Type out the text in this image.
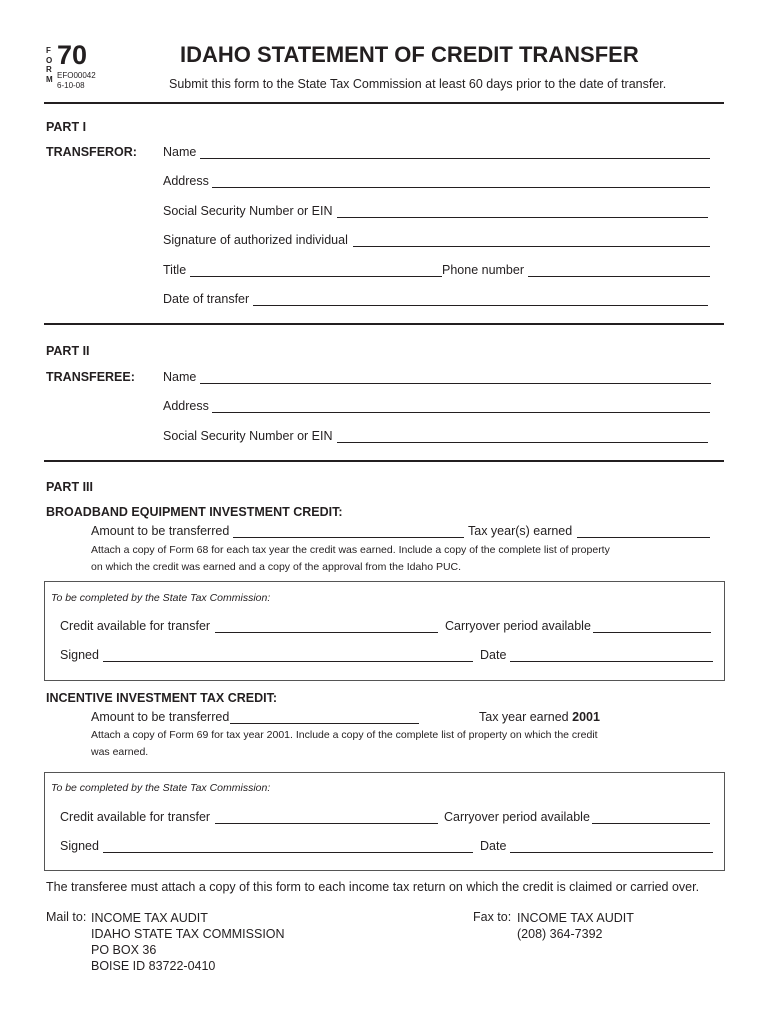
F
O
R
M
70
EFO00042
6-10-08
IDAHO STATEMENT OF CREDIT TRANSFER
Submit this form to the State Tax Commission at least 60 days prior to the date of transfer.
PART I
TRANSFEROR: Name
Address
Social Security Number or EIN
Signature of authorized individual
Title	Phone number
Date of transfer
PART II
TRANSFEREE: Name
Address
Social Security Number or EIN
PART III
BROADBAND EQUIPMENT INVESTMENT CREDIT:
Amount to be transferred	Tax year(s) earned
Attach a copy of Form 68 for each tax year the credit was earned. Include a copy of the complete list of property
on which the credit was earned and a copy of the approval from the Idaho PUC.
To be completed by the State Tax Commission:
Credit available for transfer	Carryover period available
Signed	Date
INCENTIVE INVESTMENT TAX CREDIT:
Amount to be transferred	Tax year earned 2001
Attach a copy of Form 69 for tax year 2001. Include a copy of the complete list of property on which the credit
was earned.
To be completed by the State Tax Commission:
Credit available for transfer	Carryover period available
Signed	Date
The transferee must attach a copy of this form to each income tax return on which the credit is claimed or carried over.
Mail to: INCOME TAX AUDIT
IDAHO STATE TAX COMMISSION
PO BOX 36
BOISE ID 83722-0410
Fax to: INCOME TAX AUDIT
(208) 364-7392
